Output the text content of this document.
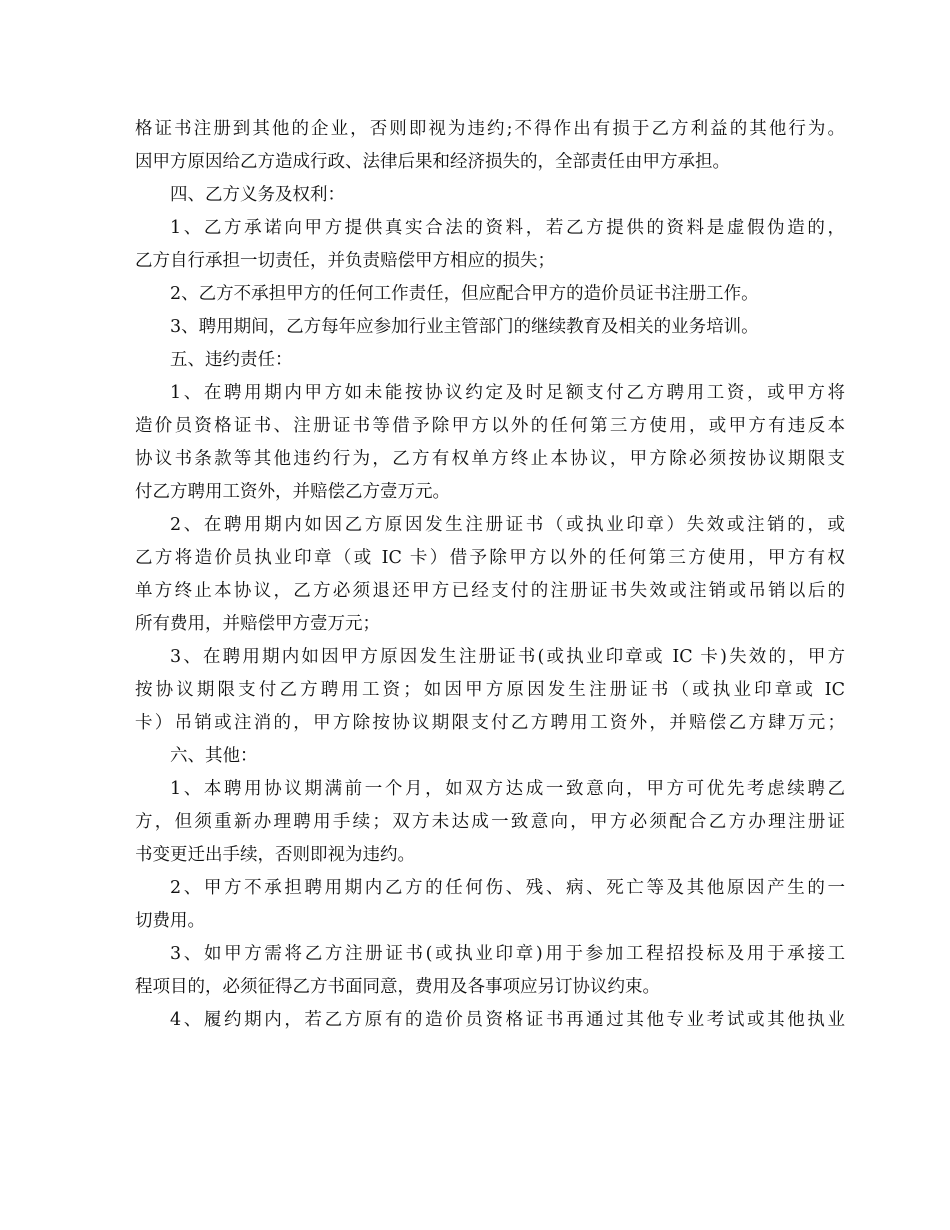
格证书注册到其他的企业，否则即视为违约;不得作出有损于乙方利益的其他行为。
因甲方原因给乙方造成行政、法律后果和经济损失的，全部责任由甲方承担。
四、乙方义务及权利：
1、乙方承诺向甲方提供真实合法的资料，若乙方提供的资料是虚假伪造的，
乙方自行承担一切责任，并负责赔偿甲方相应的损失；
2、乙方不承担甲方的任何工作责任，但应配合甲方的造价员证书注册工作。
3、聘用期间，乙方每年应参加行业主管部门的继续教育及相关的业务培训。
五、违约责任：
1、在聘用期内甲方如未能按协议约定及时足额支付乙方聘用工资，或甲方将
造价员资格证书、注册证书等借予除甲方以外的任何第三方使用，或甲方有违反本
协议书条款等其他违约行为，乙方有权单方终止本协议，甲方除必须按协议期限支
付乙方聘用工资外，并赔偿乙方壹万元。
2、在聘用期内如因乙方原因发生注册证书（或执业印章）失效或注销的，或
乙方将造价员执业印章（或 IC 卡）借予除甲方以外的任何第三方使用，甲方有权
单方终止本协议，乙方必须退还甲方已经支付的注册证书失效或注销或吊销以后的
所有费用，并赔偿甲方壹万元；
3、在聘用期内如因甲方原因发生注册证书(或执业印章或 IC 卡)失效的，甲方
按协议期限支付乙方聘用工资；如因甲方原因发生注册证书（或执业印章或 IC
卡）吊销或注消的，甲方除按协议期限支付乙方聘用工资外，并赔偿乙方肆万元；
六、其他：
1、本聘用协议期满前一个月，如双方达成一致意向，甲方可优先考虑续聘乙
方，但须重新办理聘用手续；双方未达成一致意向，甲方必须配合乙方办理注册证
书变更迁出手续，否则即视为违约。
2、甲方不承担聘用期内乙方的任何伤、残、病、死亡等及其他原因产生的一
切费用。
3、如甲方需将乙方注册证书(或执业印章)用于参加工程招投标及用于承接工
程项目的，必须征得乙方书面同意，费用及各事项应另订协议约束。
4、履约期内，若乙方原有的造价员资格证书再通过其他专业考试或其他执业
